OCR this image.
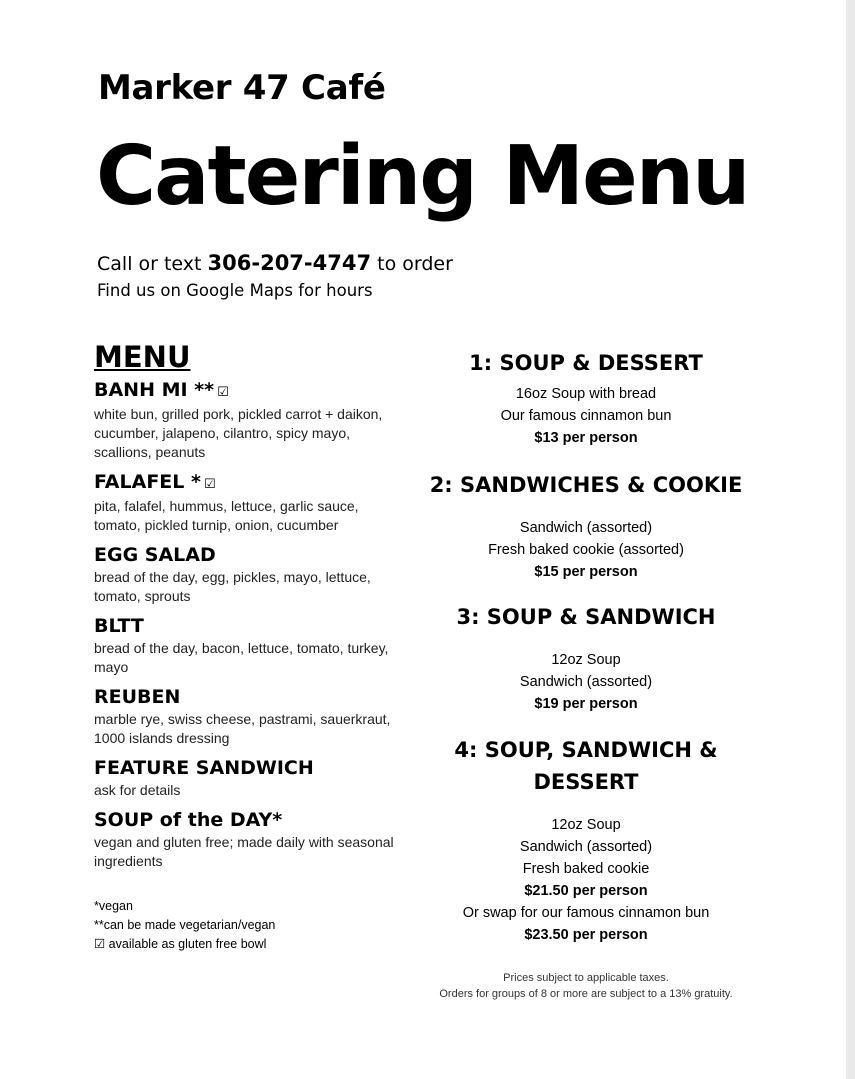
Marker 47 Café
Catering Menu
Call or text 306-207-4747 to order
Find us on Google Maps for hours
MENU
BANH MI ** ☑
white bun, grilled pork, pickled carrot + daikon, cucumber, jalapeno, cilantro, spicy mayo, scallions, peanuts
FALAFEL * ☑
pita, falafel, hummus, lettuce, garlic sauce, tomato, pickled turnip, onion, cucumber
EGG SALAD
bread of the day, egg, pickles, mayo, lettuce, tomato, sprouts
BLTT
bread of the day, bacon, lettuce, tomato, turkey, mayo
REUBEN
marble rye, swiss cheese, pastrami, sauerkraut, 1000 islands dressing
FEATURE SANDWICH
ask for details
SOUP of the DAY*
vegan and gluten free; made daily with seasonal ingredients
*vegan
**can be made vegetarian/vegan
☑ available as gluten free bowl
1: SOUP & DESSERT
16oz Soup with bread
Our famous cinnamon bun
$13 per person
2: SANDWICHES & COOKIE
Sandwich (assorted)
Fresh baked cookie (assorted)
$15 per person
3: SOUP & SANDWICH
12oz Soup
Sandwich (assorted)
$19 per person
4: SOUP, SANDWICH & DESSERT
12oz Soup
Sandwich (assorted)
Fresh baked cookie
$21.50 per person
Or swap for our famous cinnamon bun
$23.50 per person
Prices subject to applicable taxes.
Orders for groups of 8 or more are subject to a 13% gratuity.
